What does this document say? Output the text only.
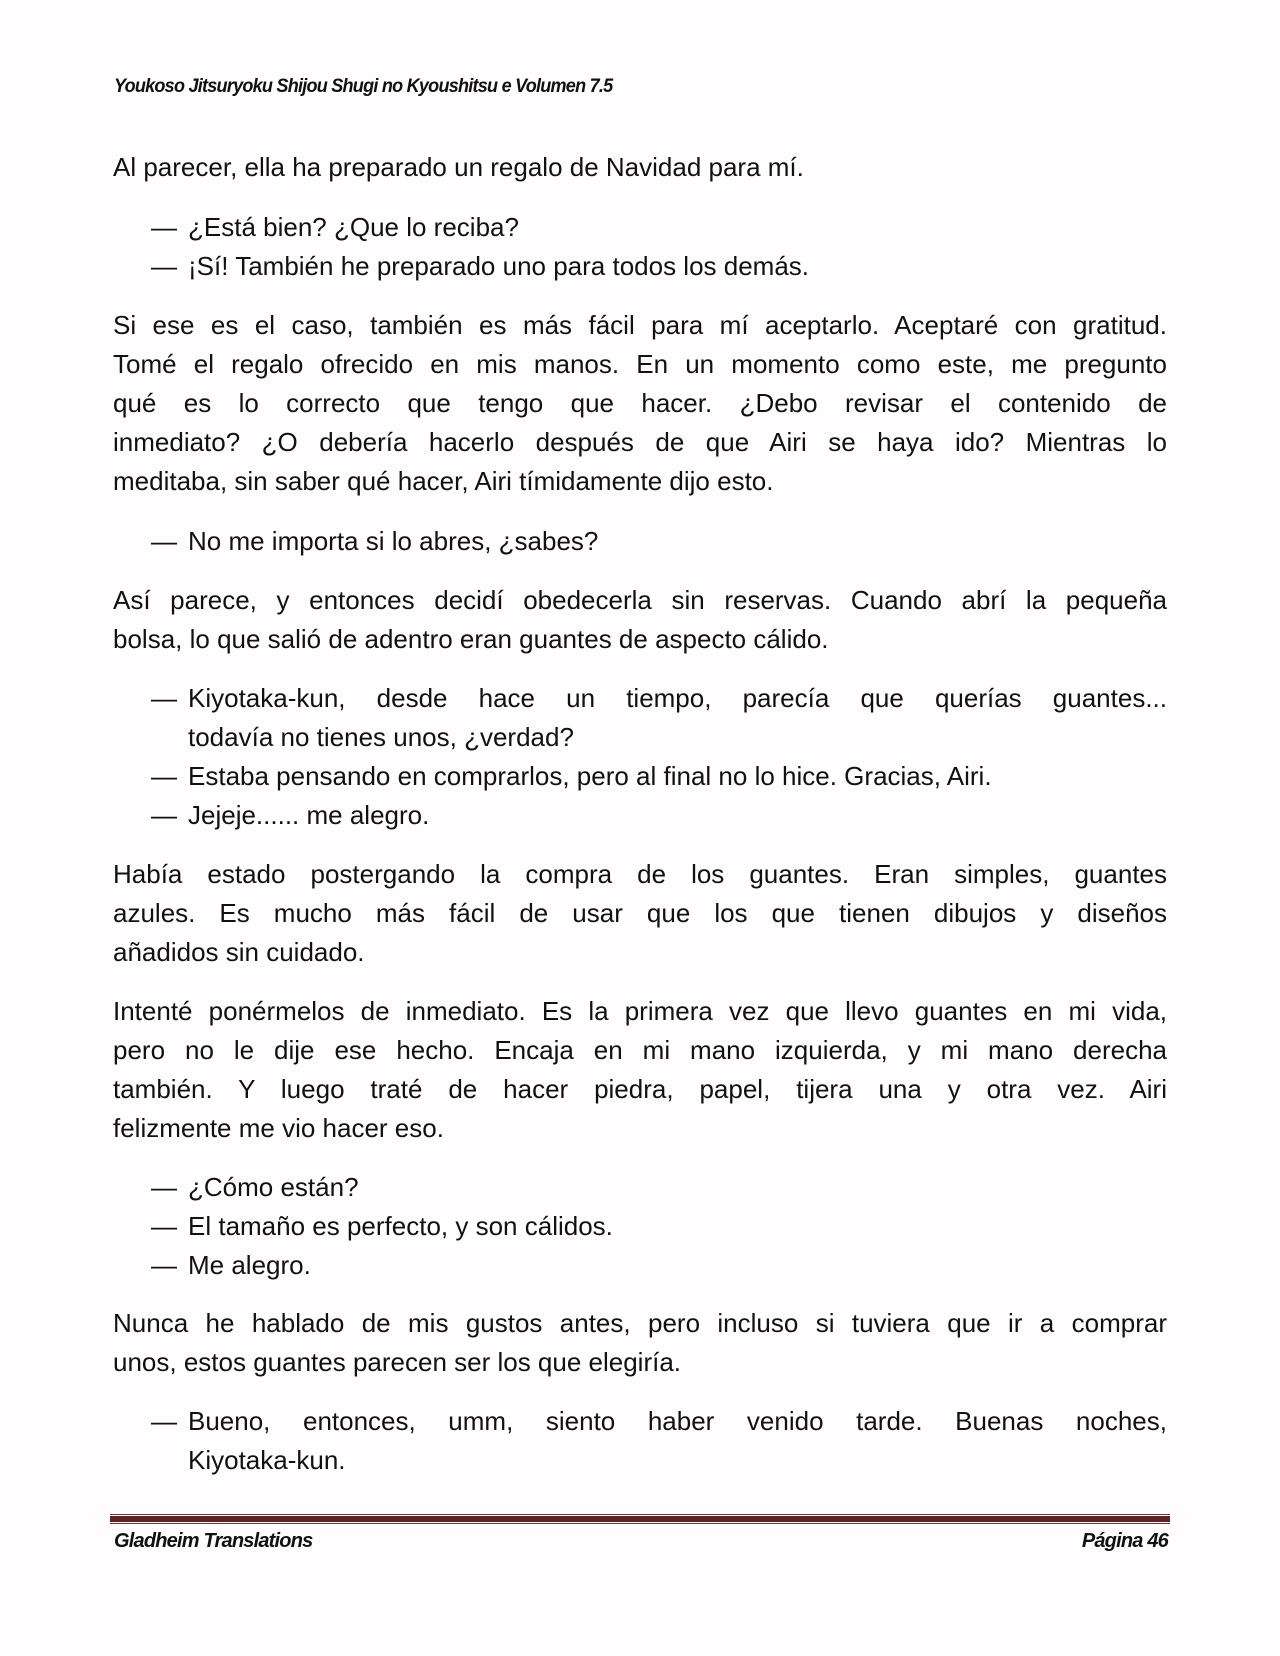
Youkoso Jitsuryoku Shijou Shugi no Kyoushitsu e Volumen 7.5
Al parecer, ella ha preparado un regalo de Navidad para mí.
— ¿Está bien? ¿Que lo reciba?
— ¡Sí! También he preparado uno para todos los demás.
Si ese es el caso, también es más fácil para mí aceptarlo. Aceptaré con gratitud.
Tomé el regalo ofrecido en mis manos. En un momento como este, me pregunto
qué es lo correcto que tengo que hacer. ¿Debo revisar el contenido de
inmediato? ¿O debería hacerlo después de que Airi se haya ido? Mientras lo
meditaba, sin saber qué hacer, Airi tímidamente dijo esto.
— No me importa si lo abres, ¿sabes?
Así parece, y entonces decidí obedecerla sin reservas. Cuando abrí la pequeña
bolsa, lo que salió de adentro eran guantes de aspecto cálido.
— Kiyotaka-kun, desde hace un tiempo, parecía que querías guantes...
todavía no tienes unos, ¿verdad?
— Estaba pensando en comprarlos, pero al final no lo hice. Gracias, Airi.
— Jejeje...... me alegro.
Había estado postergando la compra de los guantes. Eran simples, guantes
azules. Es mucho más fácil de usar que los que tienen dibujos y diseños
añadidos sin cuidado.
Intenté ponérmelos de inmediato. Es la primera vez que llevo guantes en mi vida,
pero no le dije ese hecho. Encaja en mi mano izquierda, y mi mano derecha
también. Y luego traté de hacer piedra, papel, tijera una y otra vez. Airi
felizmente me vio hacer eso.
— ¿Cómo están?
— El tamaño es perfecto, y son cálidos.
— Me alegro.
Nunca he hablado de mis gustos antes, pero incluso si tuviera que ir a comprar
unos, estos guantes parecen ser los que elegiría.
— Bueno, entonces, umm, siento haber venido tarde. Buenas noches,
Kiyotaka-kun.
Gladheim Translations	Página 46
